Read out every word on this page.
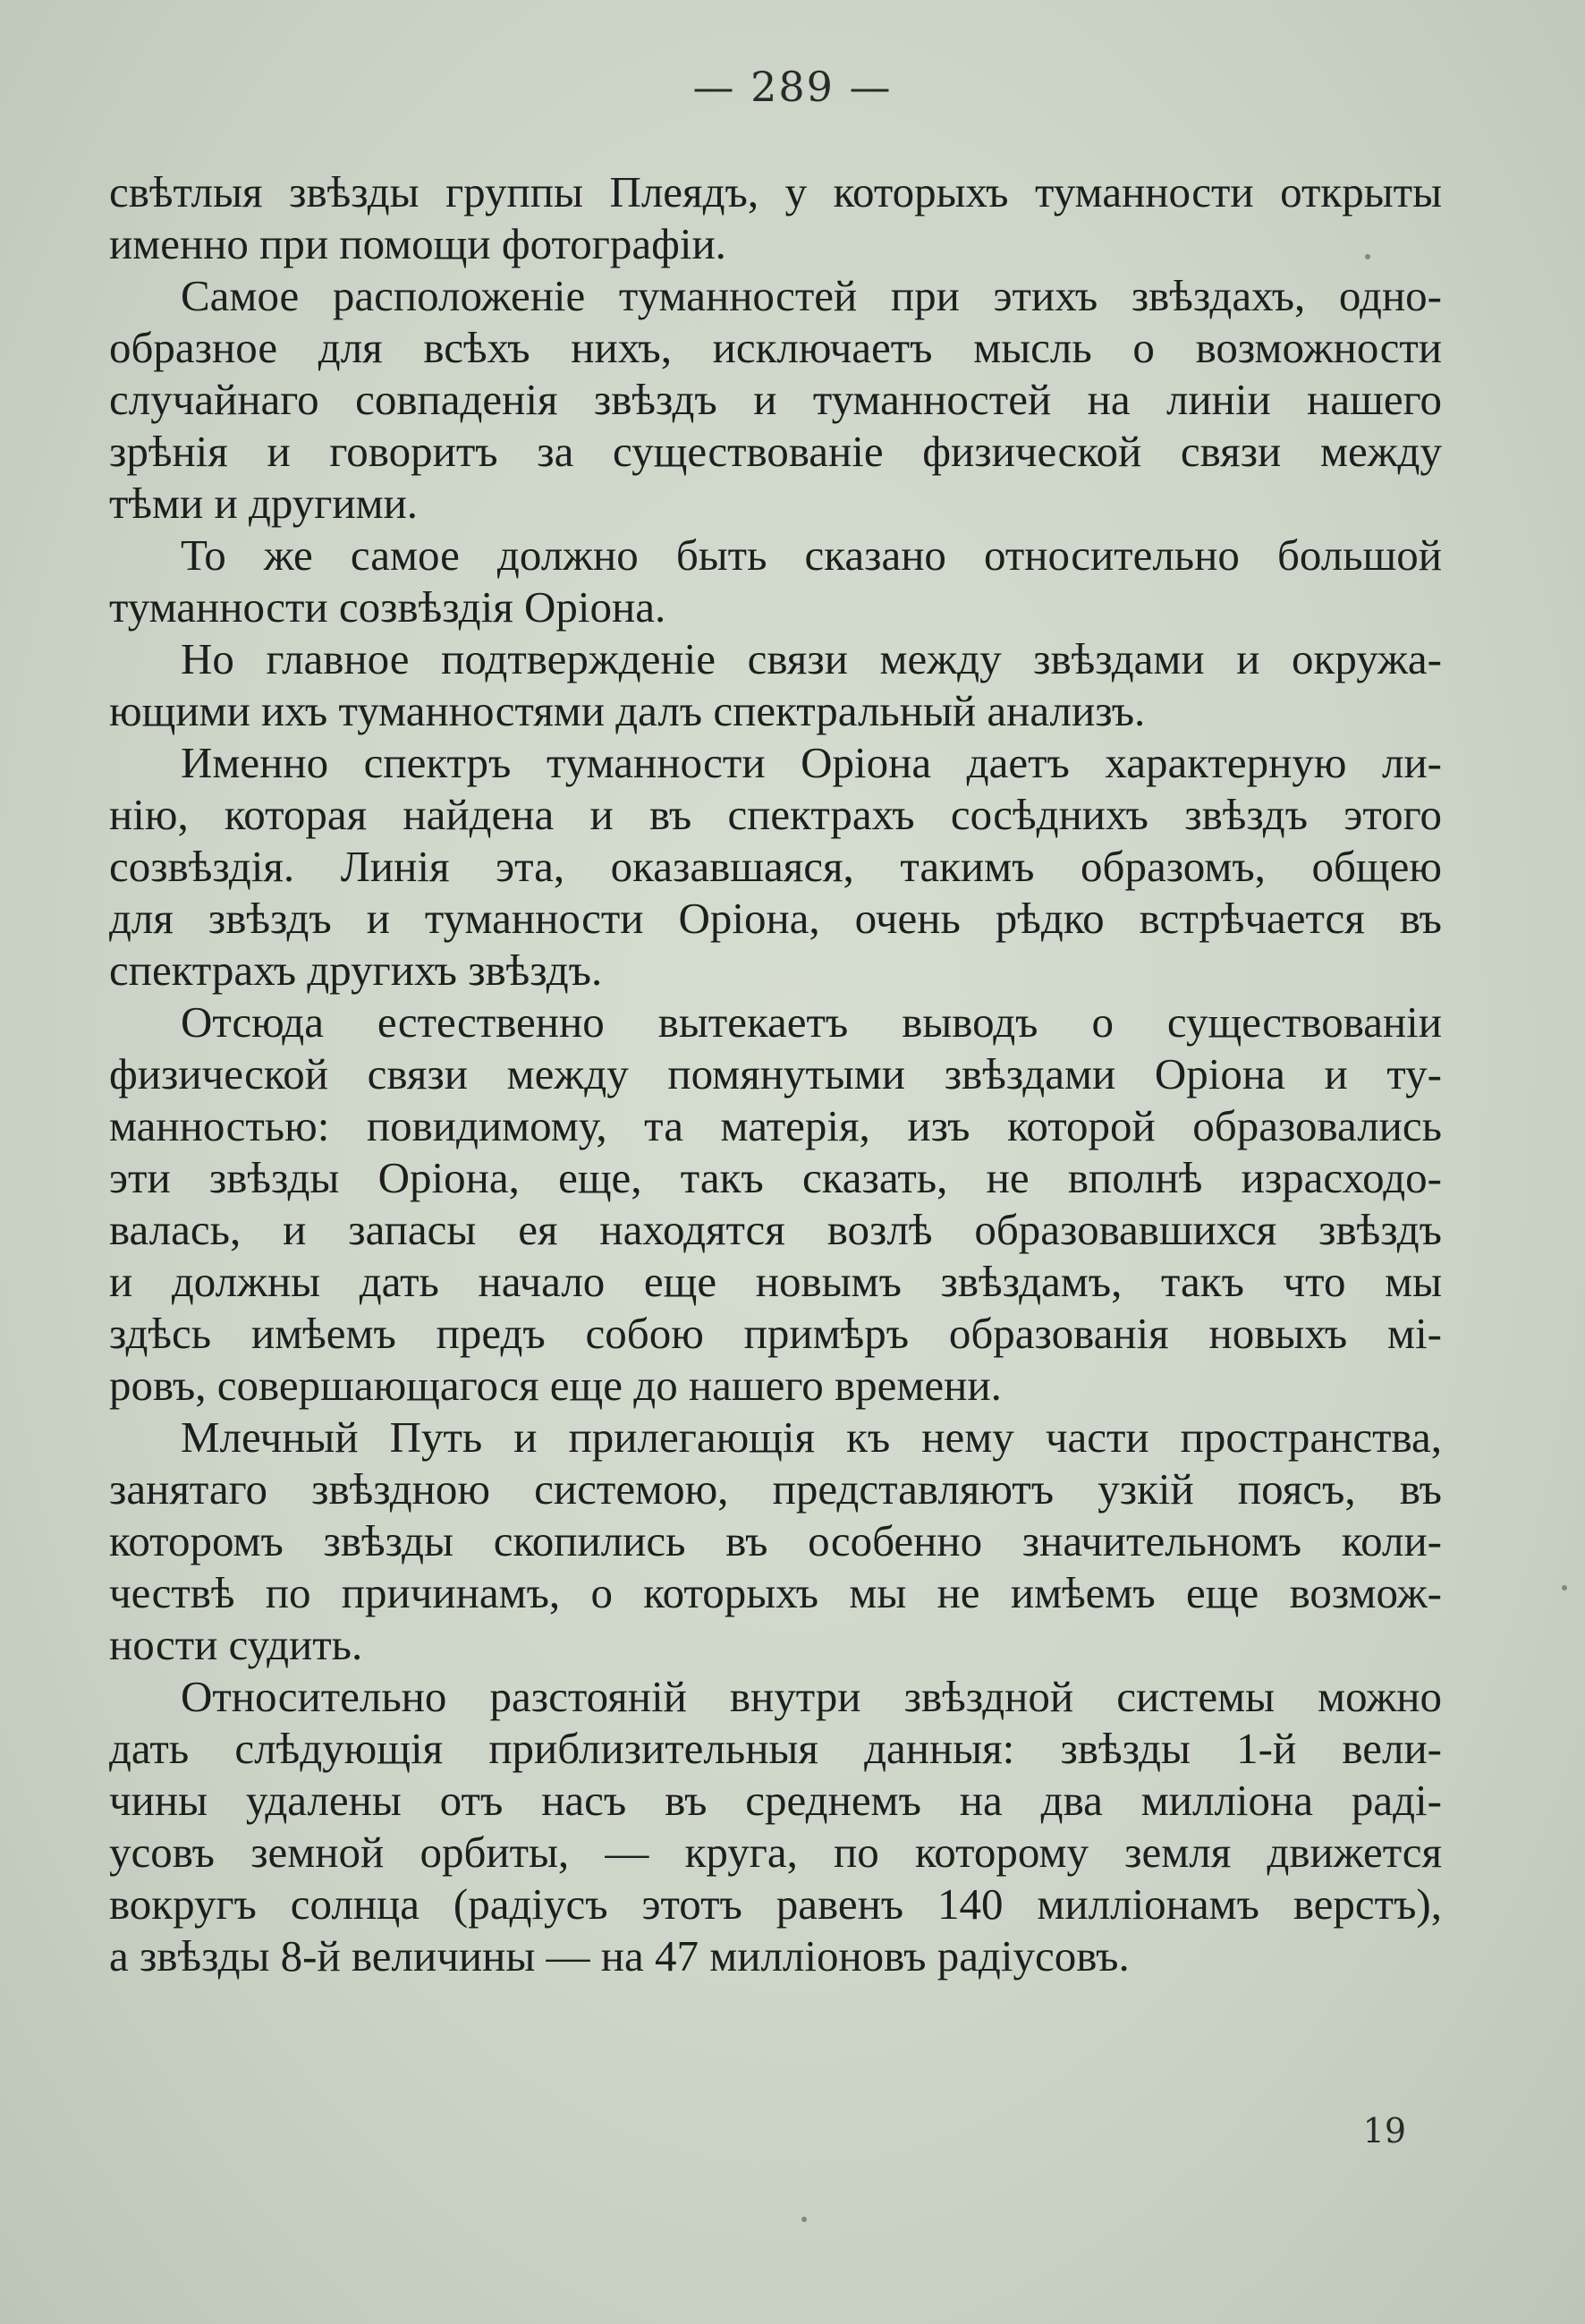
— 289 —
свѣтлыя звѣзды группы Плеядъ, у которыхъ туманности открыты
именно при помощи фотографіи.
Самое расположеніе туманностей при этихъ звѣздахъ, одно-
образное для всѣхъ нихъ, исключаетъ мысль о возможности
случайнаго совпаденія звѣздъ и туманностей на линіи нашего
зрѣнія и говоритъ за существованіе физической связи между
тѣми и другими.
То же самое должно быть сказано относительно большой
туманности созвѣздія Оріона.
Но главное подтвержденіе связи между звѣздами и окружа-
ющими ихъ туманностями далъ спектральный анализъ.
Именно спектръ туманности Оріона даетъ характерную ли-
нію, которая найдена и въ спектрахъ сосѣднихъ звѣздъ этого
созвѣздія. Линія эта, оказавшаяся, такимъ образомъ, общею
для звѣздъ и туманности Оріона, очень рѣдко встрѣчается въ
спектрахъ другихъ звѣздъ.
Отсюда естественно вытекаетъ выводъ о существованіи
физической связи между помянутыми звѣздами Оріона и ту-
манностью: повидимому, та матерія, изъ которой образовались
эти звѣзды Оріона, еще, такъ сказать, не вполнѣ израсходо-
валась, и запасы ея находятся возлѣ образовавшихся звѣздъ
и должны дать начало еще новымъ звѣздамъ, такъ что мы
здѣсь имѣемъ предъ собою примѣръ образованія новыхъ мі-
ровъ, совершающагося еще до нашего времени.
Млечный Путь и прилегающія къ нему части пространства,
занятаго звѣздною системою, представляютъ узкій поясъ, въ
которомъ звѣзды скопились въ особенно значительномъ коли-
чествѣ по причинамъ, о которыхъ мы не имѣемъ еще возмож-
ности судить.
Относительно разстояній внутри звѣздной системы можно
дать слѣдующія приблизительныя данныя: звѣзды 1-й вели-
чины удалены отъ насъ въ среднемъ на два милліона раді-
усовъ земной орбиты, — круга, по которому земля движется
вокругъ солнца (радіусъ этотъ равенъ 140 милліонамъ верстъ),
а звѣзды 8-й величины — на 47 милліоновъ радіусовъ.
19
